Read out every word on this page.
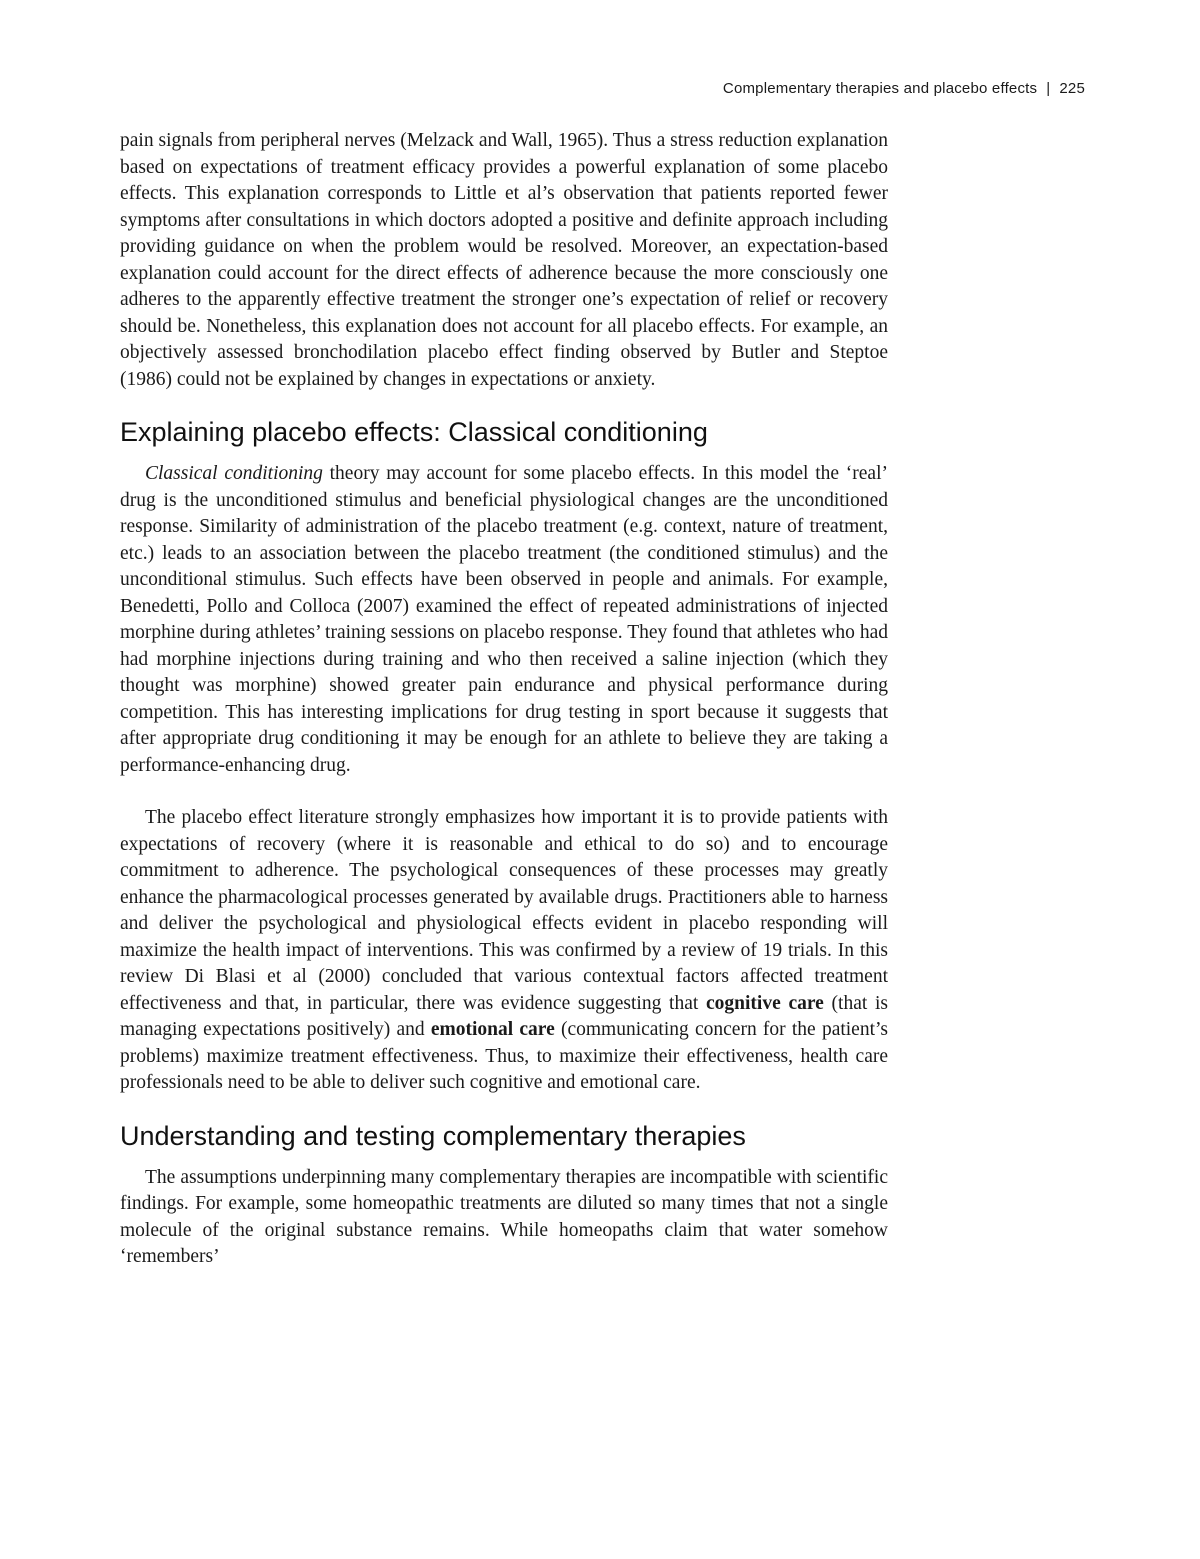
Complementary therapies and placebo effects | 225

pain signals from peripheral nerves (Melzack and Wall, 1965). Thus a stress reduction explanation based on expectations of treatment efficacy provides a powerful explanation of some placebo effects. This explanation corresponds to Little et al’s observation that patients reported fewer symptoms after consultations in which doctors adopted a positive and definite approach including providing guidance on when the problem would be resolved. Moreover, an expectation-based explanation could account for the direct effects of adherence because the more consciously one adheres to the apparently effective treatment the stronger one’s expectation of relief or recovery should be. Nonetheless, this explanation does not account for all placebo effects. For example, an objectively assessed bronchodilation placebo effect finding observed by Butler and Steptoe (1986) could not be explained by changes in expectations or anxiety.

Explaining placebo effects: Classical conditioning

Classical conditioning theory may account for some placebo effects. In this model the ‘real’ drug is the unconditioned stimulus and beneficial physiological changes are the unconditioned response. Similarity of administration of the placebo treatment (e.g. context, nature of treatment, etc.) leads to an association between the placebo treatment (the conditioned stimulus) and the unconditional stimulus. Such effects have been observed in people and animals. For example, Benedetti, Pollo and Colloca (2007) examined the effect of repeated administrations of injected morphine during athletes’ training sessions on placebo response. They found that athletes who had had morphine injections during training and who then received a saline injection (which they thought was morphine) showed greater pain endurance and physical performance during competition. This has interesting implications for drug testing in sport because it suggests that after appropriate drug conditioning it may be enough for an athlete to believe they are taking a performance-enhancing drug.

The placebo effect literature strongly emphasizes how important it is to provide patients with expectations of recovery (where it is reasonable and ethical to do so) and to encourage commitment to adherence. The psychological consequences of these processes may greatly enhance the pharmacological processes generated by available drugs. Practitioners able to harness and deliver the psychological and physiological effects evident in placebo responding will maximize the health impact of interventions. This was confirmed by a review of 19 trials. In this review Di Blasi et al (2000) concluded that various contextual factors affected treatment effectiveness and that, in particular, there was evidence suggesting that cognitive care (that is managing expectations positively) and emotional care (communicating concern for the patient’s problems) maximize treatment effectiveness. Thus, to maximize their effectiveness, health care professionals need to be able to deliver such cognitive and emotional care.

Understanding and testing complementary therapies

The assumptions underpinning many complementary therapies are incompatible with scientific findings. For example, some homeopathic treatments are diluted so many times that not a single molecule of the original substance remains. While homeopaths claim that water somehow ‘remembers’
